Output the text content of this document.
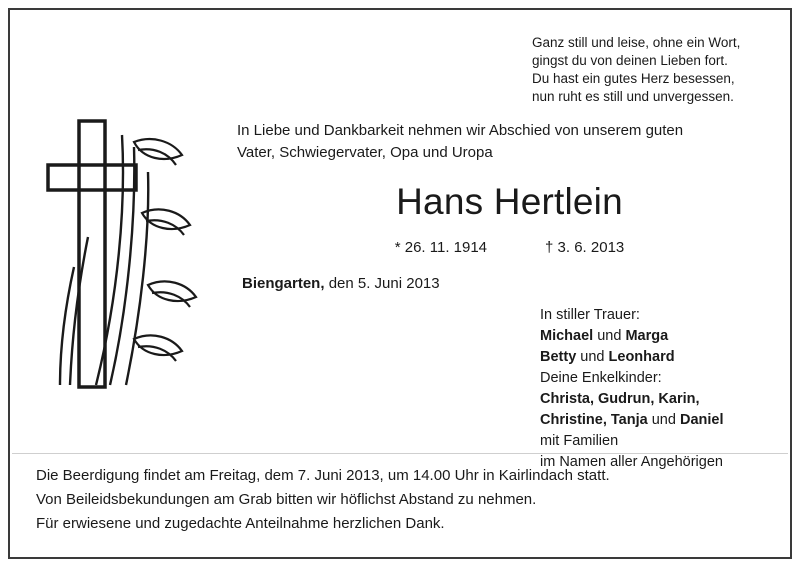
Ganz still und leise, ohne ein Wort,
gingst du von deinen Lieben fort.
Du hast ein gutes Herz besessen,
nun ruht es still und unvergessen.
In Liebe und Dankbarkeit nehmen wir Abschied von unserem guten
Vater, Schwiegervater, Opa und Uropa
Hans Hertlein
* 26. 11. 1914	† 3. 6. 2013
Biengarten, den 5. Juni 2013
In stiller Trauer:
Michael und Marga
Betty und Leonhard
Deine Enkelkinder:
Christa, Gudrun, Karin,
Christine, Tanja und Daniel
mit Familien
im Namen aller Angehörigen
Die Beerdigung findet am Freitag, dem 7. Juni 2013, um 14.00 Uhr in Kairlindach statt.
Von Beileidsbekundungen am Grab bitten wir höflichst Abstand zu nehmen.
Für erwiesene und zugedachte Anteilnahme herzlichen Dank.
